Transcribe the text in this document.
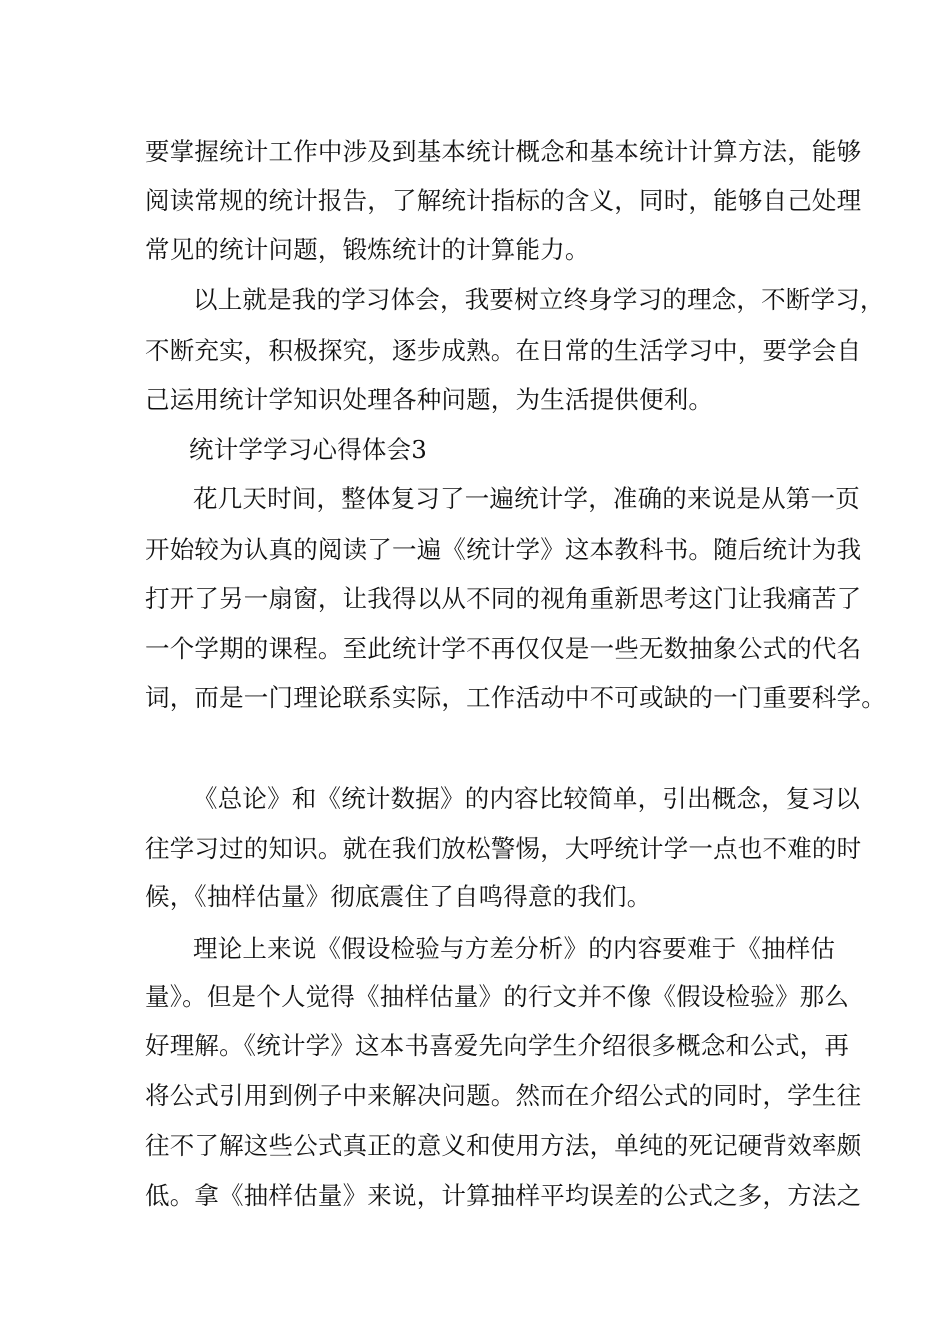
要掌握统计工作中涉及到基本统计概念和基本统计计算方法，能够
阅读常规的统计报告，了解统计指标的含义，同时，能够自己处理
常见的统计问题，锻炼统计的计算能力。
以上就是我的学习体会，我要树立终身学习的理念，不断学习，
不断充实，积极探究，逐步成熟。在日常的生活学习中，要学会自
己运用统计学知识处理各种问题，为生活提供便利。
统计学学习心得体会3
花几天时间，整体复习了一遍统计学，准确的来说是从第一页
开始较为认真的阅读了一遍《统计学》这本教科书。随后统计为我
打开了另一扇窗，让我得以从不同的视角重新思考这门让我痛苦了
一个学期的课程。至此统计学不再仅仅是一些无数抽象公式的代名
词，而是一门理论联系实际，工作活动中不可或缺的一门重要科学。
《总论》和《统计数据》的内容比较简单，引出概念，复习以
往学习过的知识。就在我们放松警惕，大呼统计学一点也不难的时
候，《抽样估量》彻底震住了自鸣得意的我们。
理论上来说《假设检验与方差分析》的内容要难于《抽样估
量》。但是个人觉得《抽样估量》的行文并不像《假设检验》那么
好理解。《统计学》这本书喜爱先向学生介绍很多概念和公式，再
将公式引用到例子中来解决问题。然而在介绍公式的同时，学生往
往不了解这些公式真正的意义和使用方法，单纯的死记硬背效率颇
低。拿《抽样估量》来说，计算抽样平均误差的公式之多，方法之
